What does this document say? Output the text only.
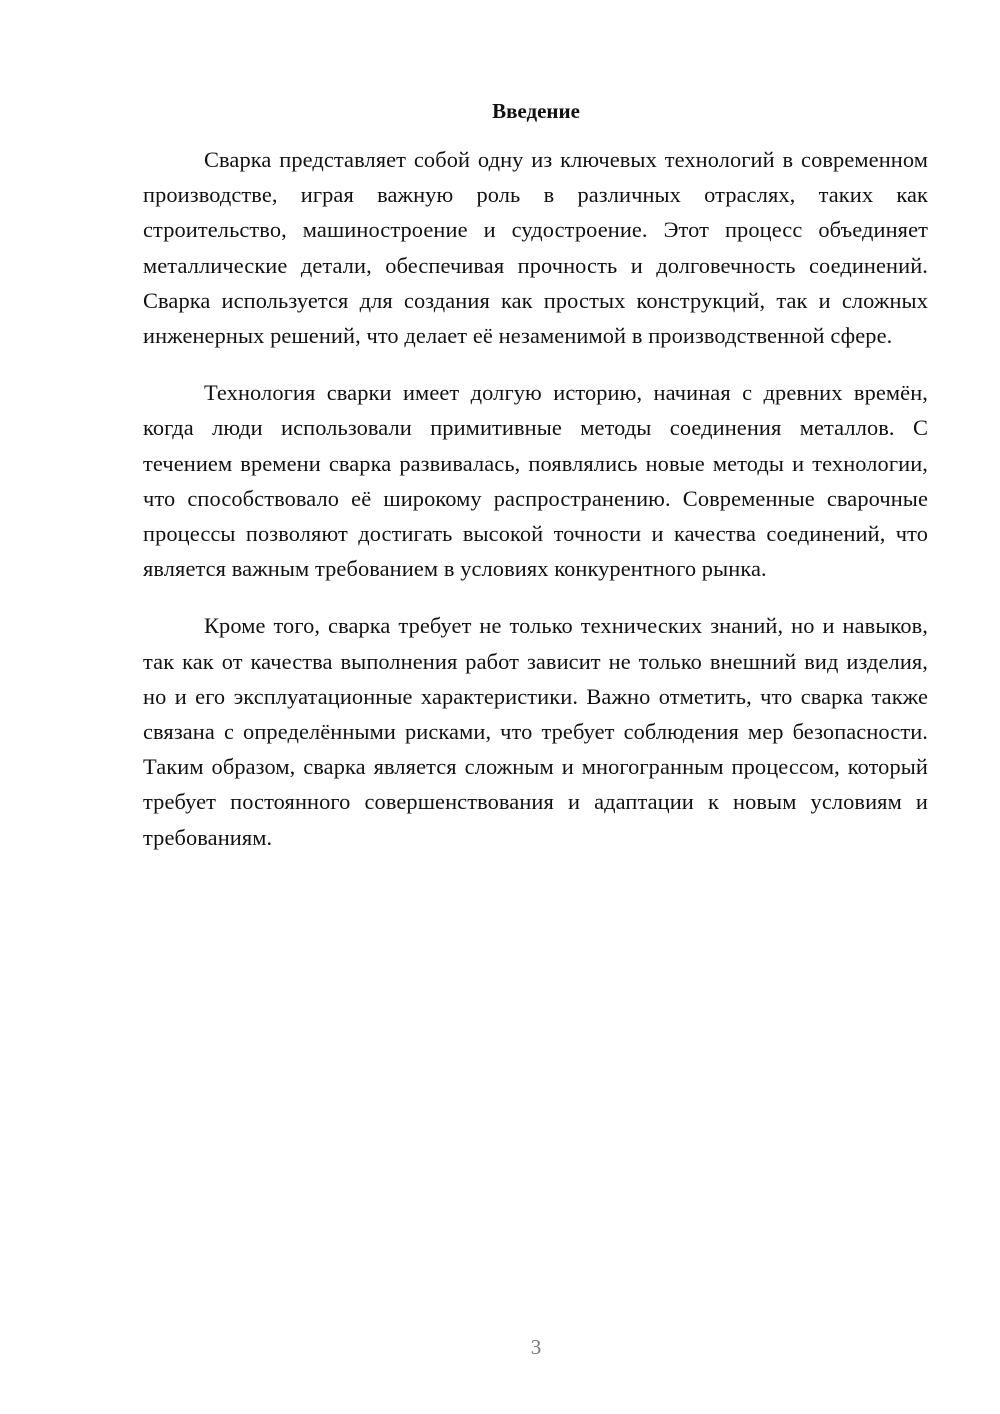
Введение

Сварка представляет собой одну из ключевых технологий в современном производстве, играя важную роль в различных отраслях, таких как строительство, машиностроение и судостроение. Этот процесс объединяет металлические детали, обеспечивая прочность и долговечность соединений. Сварка используется для создания как простых конструкций, так и сложных инженерных решений, что делает её незаменимой в производственной сфере.

Технология сварки имеет долгую историю, начиная с древних времён, когда люди использовали примитивные методы соединения металлов. С течением времени сварка развивалась, появлялись новые методы и технологии, что способствовало её широкому распространению. Современные сварочные процессы позволяют достигать высокой точности и качества соединений, что является важным требованием в условиях конкурентного рынка.

Кроме того, сварка требует не только технических знаний, но и навыков, так как от качества выполнения работ зависит не только внешний вид изделия, но и его эксплуатационные характеристики. Важно отметить, что сварка также связана с определёнными рисками, что требует соблюдения мер безопасности. Таким образом, сварка является сложным и многогранным процессом, который требует постоянного совершенствования и адаптации к новым условиям и требованиям.

3
